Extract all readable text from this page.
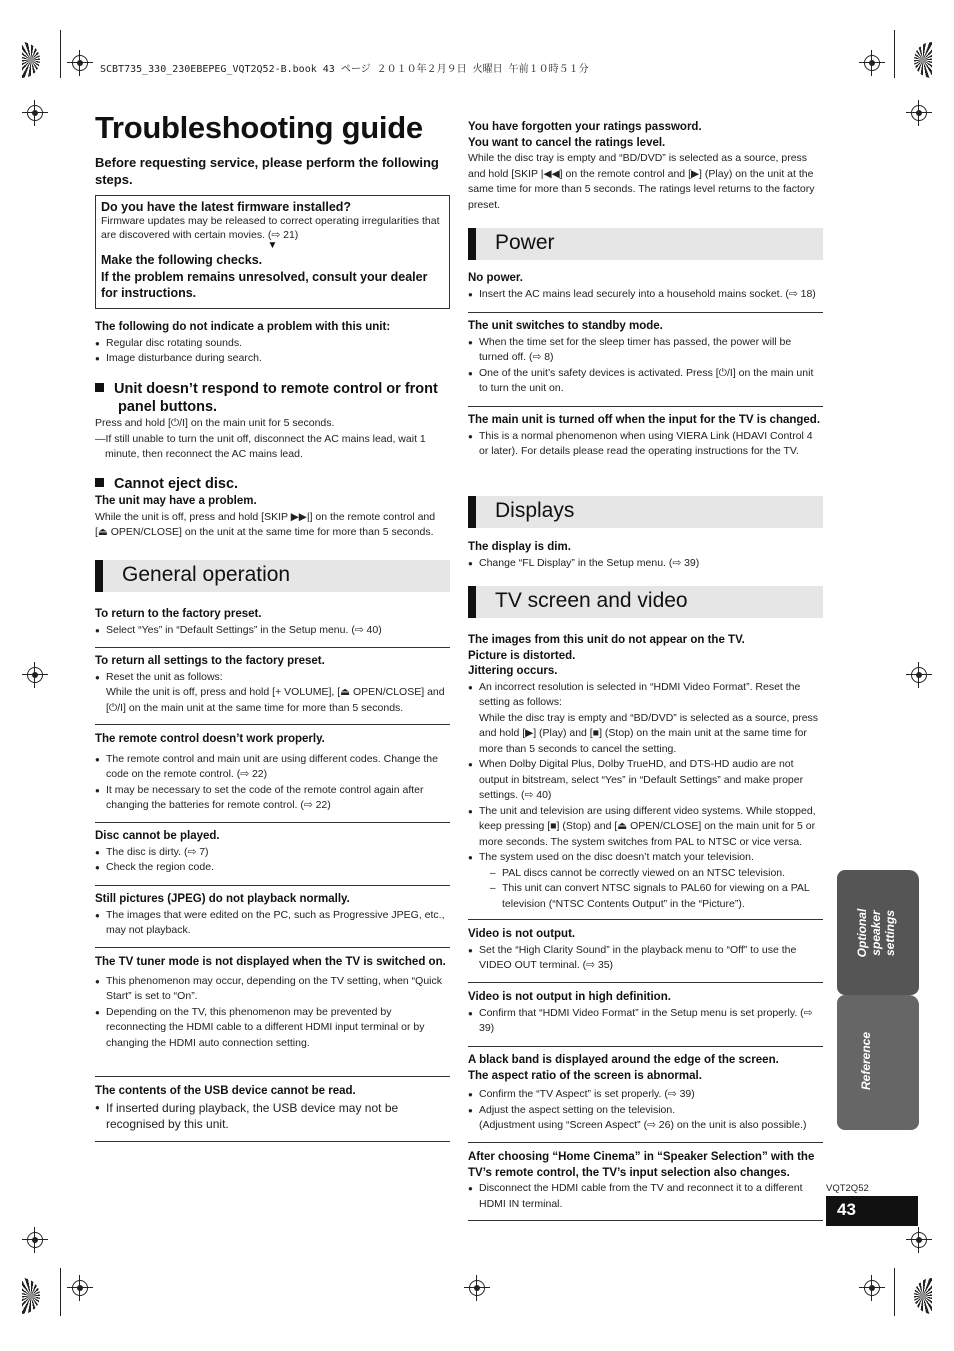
SCBT735_330_230EBEPEG_VQT2Q52-B.book 43 ページ ２０１０年２月９日 火曜日 午前１０時５１分
Troubleshooting guide
Before requesting service, please perform the following steps.
Do you have the latest firmware installed?
Firmware updates may be released to correct operating irregularities that are discovered with certain movies. (⇨ 21)
▼
Make the following checks.
If the problem remains unresolved, consult your dealer for instructions.

The following do not indicate a problem with this unit:

● Regular disc rotating sounds.
● Image disturbance during search.
Unit doesn’t respond to remote control or front panel buttons.

Press and hold [⏻/I] on the main unit for 5 seconds.

—If still unable to turn the unit off, disconnect the AC mains lead, wait 1 minute, then reconnect the AC mains lead.

Cannot eject disc.

The unit may have a problem.

While the unit is off, press and hold [SKIP ▶▶|] on the remote control and [⏏ OPEN/CLOSE] on the unit at the same time for more than 5 seconds.

General operation

To return to the factory preset.

● Select “Yes” in “Default Settings” in the Setup menu. (⇨ 40)

To return all settings to the factory preset.

● Reset the unit as follows:
While the unit is off, press and hold [+ VOLUME], [⏏ OPEN/CLOSE] and [⏻/I] on the main unit at the same time for more than 5 seconds.

The remote control doesn’t work properly.

● The remote control and main unit are using different codes. Change the code on the remote control. (⇨ 22)
● It may be necessary to set the code of the remote control again after changing the batteries for remote control. (⇨ 22)

Disc cannot be played.

● The disc is dirty. (⇨ 7)
● Check the region code.

Still pictures (JPEG) do not playback normally.

● The images that were edited on the PC, such as Progressive JPEG, etc., may not playback.

The TV tuner mode is not displayed when the TV is switched on.

● This phenomenon may occur, depending on the TV setting, when “Quick Start” is set to “On”.
● Depending on the TV, this phenomenon may be prevented by reconnecting the HDMI cable to a different HDMI input terminal or by changing the HDMI auto connection setting.

The contents of the USB device cannot be read.

● If inserted during playback, the USB device may not be recognised by this unit.

You have forgotten your ratings password.

You want to cancel the ratings level.

While the disc tray is empty and “BD/DVD” is selected as a source, press and hold [SKIP |◀◀] on the remote control and [▶] (Play) on the unit at the same time for more than 5 seconds. The ratings level returns to the factory preset.

Power

No power.

● Insert the AC mains lead securely into a household mains socket. (⇨ 18)

The unit switches to standby mode.

● When the time set for the sleep timer has passed, the power will be turned off. (⇨ 8)
● One of the unit’s safety devices is activated. Press [⏻/I] on the main unit to turn the unit on.

The main unit is turned off when the input for the TV is changed.

● This is a normal phenomenon when using VIERA Link (HDAVI Control 4 or later). For details please read the operating instructions for the TV.
Displays

The display is dim.

● Change “FL Display” in the Setup menu. (⇨ 39)
TV screen and video

The images from this unit do not appear on the TV.

Picture is distorted.

Jittering occurs.

● An incorrect resolution is selected in “HDMI Video Format”. Reset the setting as follows:
While the disc tray is empty and “BD/DVD” is selected as a source, press and hold [▶] (Play) and [■] (Stop) on the main unit at the same time for more than 5 seconds to cancel the setting.
● When Dolby Digital Plus, Dolby TrueHD, and DTS-HD audio are not output in bitstream, select “Yes” in “Default Settings” and make proper settings. (⇨ 40)
● The unit and television are using different video systems. While stopped, keep pressing [■] (Stop) and [⏏ OPEN/CLOSE] on the main unit for 5 or more seconds. The system switches from PAL to NTSC or vice versa.
● The system used on the disc doesn’t match your television.
– PAL discs cannot be correctly viewed on an NTSC television.
– This unit can convert NTSC signals to PAL60 for viewing on a PAL television (“NTSC Contents Output” in the “Picture”).

Video is not output.

● Set the “High Clarity Sound” in the playback menu to “Off” to use the VIDEO OUT terminal. (⇨ 35)

Video is not output in high definition.

● Confirm that “HDMI Video Format” in the Setup menu is set properly. (⇨ 39)

A black band is displayed around the edge of the screen.

The aspect ratio of the screen is abnormal.

● Confirm the “TV Aspect” is set properly. (⇨ 39)
● Adjust the aspect setting on the television.
(Adjustment using “Screen Aspect” (⇨ 26) on the unit is also possible.)

After choosing “Home Cinema” in “Speaker Selection” with the TV’s remote control, the TV’s input selection also changes.

● Disconnect the HDMI cable from the TV and reconnect it to a different HDMI IN terminal.
Optional speaker settings
Reference
VQT2Q52
43
